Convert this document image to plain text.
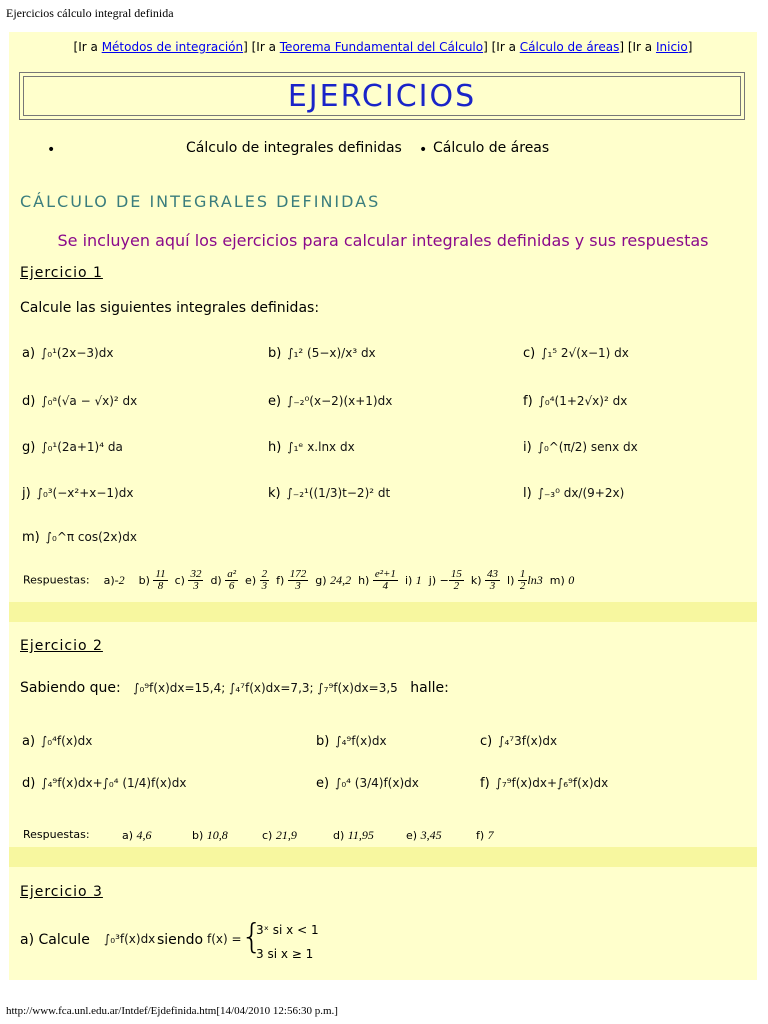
Ejercicios cálculo integral definida
[Ir a Métodos de integración] [Ir a Teorema Fundamental del Cálculo] [Ir a Cálculo de áreas] [Ir a Inicio]
EJERCICIOS
•	Cálculo de integrales definidas • Cálculo de áreas
CÁLCULO DE INTEGRALES DEFINIDAS
Se incluyen aquí los ejercicios para calcular integrales definidas y sus respuestas
Ejercicio 1
Calcule las siguientes integrales definidas:
a) ∫₀¹(2x−3)dx	b) ∫₁² (5−x)/x³ dx	c) ∫₁⁵ 2√(x−1) dx
d) ∫₀ᵃ(√a − √x)² dx	e) ∫₋₂⁰(x−2)(x+1)dx	f) ∫₀⁴(1+2√x)² dx
g) ∫₀¹(2a+1)⁴ da	h) ∫₁ᵉ x.lnx dx	i) ∫₀^(π/2) senx dx
j) ∫₀³(−x²+x−1)dx	k) ∫₋₂¹((1/3)t−2)² dt	l) ∫₋₃⁰ dx/(9+2x)
m) ∫₀^π cos(2x)dx
Respuestas: a)-2 $b) \frac{11}{8} c) \frac{32}{3} d) \frac{\text{a²}}{6} e) \frac{2}{3} f) \frac{172}{3} g$) 24,2 $h) \frac{\text{e²+1}}{4} i$) 1 $j) - \frac{15}{2} k) \frac{43}{3} l) \frac{1}{2} \ln 3$ m) 0
Ejercicio 2
Sabiendo que: ∫₀⁹f(x)dx=15,4; ∫₄⁷f(x)dx=7,3; ∫₇⁹f(x)dx=3,5 halle:
a) ∫₀⁴f(x)dx	b) ∫₄⁹f(x)dx	c) ∫₄⁷3f(x)dx
d) ∫₄⁹f(x)dx+∫₀⁴ (1/4)f(x)dx	e) ∫₀⁴ (3/4)f(x)dx	f) ∫₇⁹f(x)dx+∫₆⁹f(x)dx
Respuestas:	a) 4,6	b) 10,8	c) 21,9	d) 11,95	e) 3,45	f) 7
Ejercicio 3
a) Calcule ∫₀³f(x)dx siendo f(x) = {
3ˣ si x < 1
3 si x ≥ 1
http://www.fca.unl.edu.ar/Intdef/Ejdefinida.htm[14/04/2010 12:56:30 p.m.]
